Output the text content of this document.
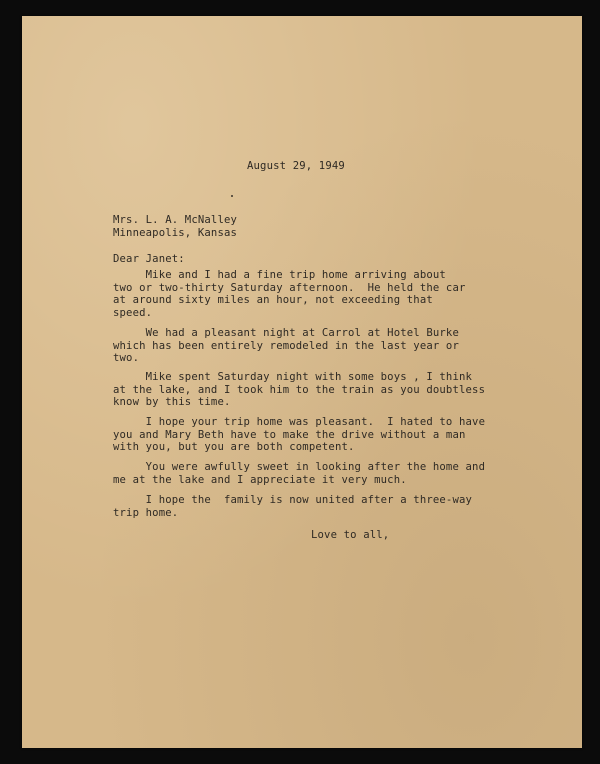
August 29, 1949
Mrs. L. A. McNalley
Minneapolis, Kansas
Dear Janet:
Mike and I had a fine trip home arriving about
two or two-thirty Saturday afternoon.  He held the car
at around sixty miles an hour, not exceeding that
speed.
We had a pleasant night at Carrol at Hotel Burke
which has been entirely remodeled in the last year or
two.
Mike spent Saturday night with some boys , I think
at the lake, and I took him to the train as you doubtless
know by this time.
I hope your trip home was pleasant.  I hated to have
you and Mary Beth have to make the drive without a man
with you, but you are both competent.
You were awfully sweet in looking after the home and
me at the lake and I appreciate it very much.
I hope the  family is now united after a three-way
trip home.
Love to all,
